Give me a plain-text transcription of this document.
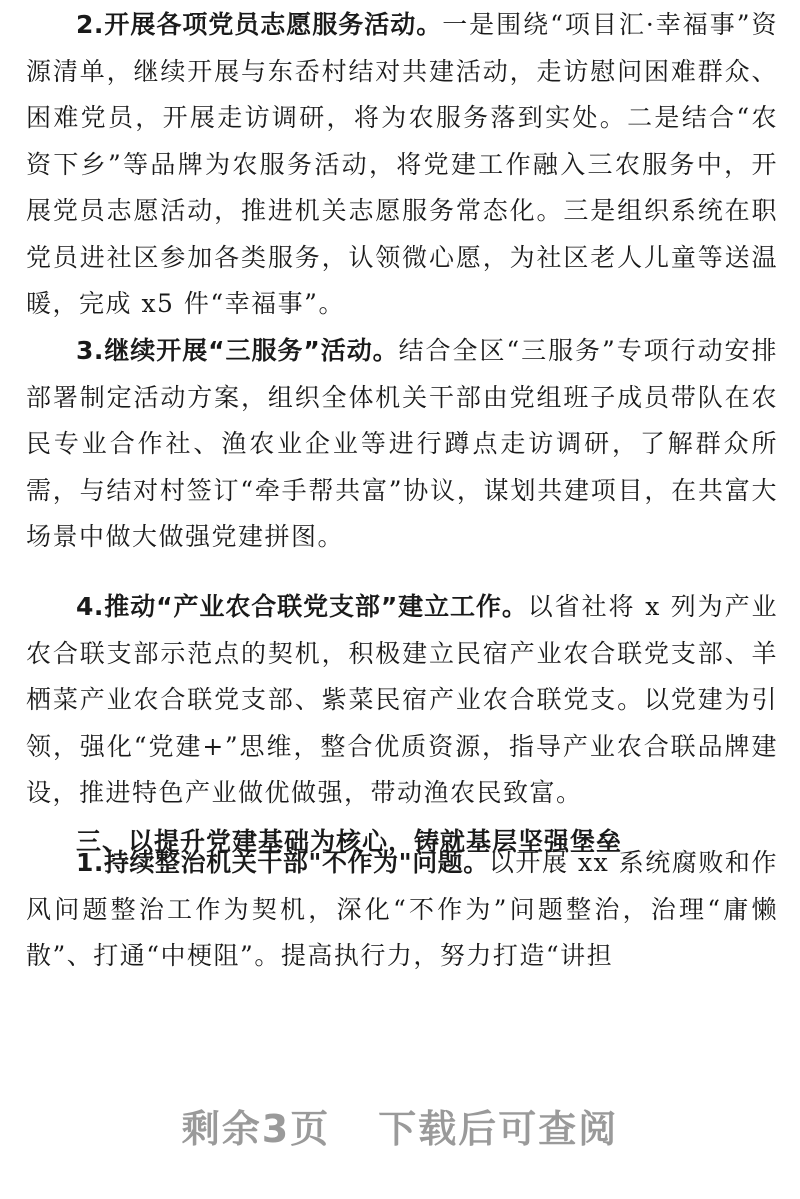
2.开展各项党员志愿服务活动。一是围绕“项目汇·幸福事”资源清单，继续开展与东岙村结对共建活动，走访慰问困难群众、困难党员，开展走访调研，将为农服务落到实处。二是结合“农资下乡”等品牌为农服务活动，将党建工作融入三农服务中，开展党员志愿活动，推进机关志愿服务常态化。三是组织系统在职党员进社区参加各类服务，认领微心愿，为社区老人儿童等送温暖，完成 x5 件“幸福事”。

3.继续开展“三服务”活动。结合全区“三服务”专项行动安排部署制定活动方案，组织全体机关干部由党组班子成员带队在农民专业合作社、渔农业企业等进行蹲点走访调研，了解群众所需，与结对村签订“牵手帮共富”协议，谋划共建项目，在共富大场景中做大做强党建拼图。

4.推动“产业农合联党支部”建立工作。以省社将 x 列为产业农合联支部示范点的契机，积极建立民宿产业农合联党支部、羊栖菜产业农合联党支部、紫菜民宿产业农合联党支。以党建为引领，强化“党建+”思维，整合优质资源，指导产业农合联品牌建设，推进特色产业做优做强，带动渔农民致富。

三、以提升党建基础为核心，铸就基层坚强堡垒

1.持续整治机关干部"不作为"问题。以开展 xx 系统腐败和作风问题整治工作为契机，深化“不作为”问题整治，治理“庸懒散”、打通“中梗阻”。提高执行力，努力打造“讲担

剩余3页 下载后可查阅
